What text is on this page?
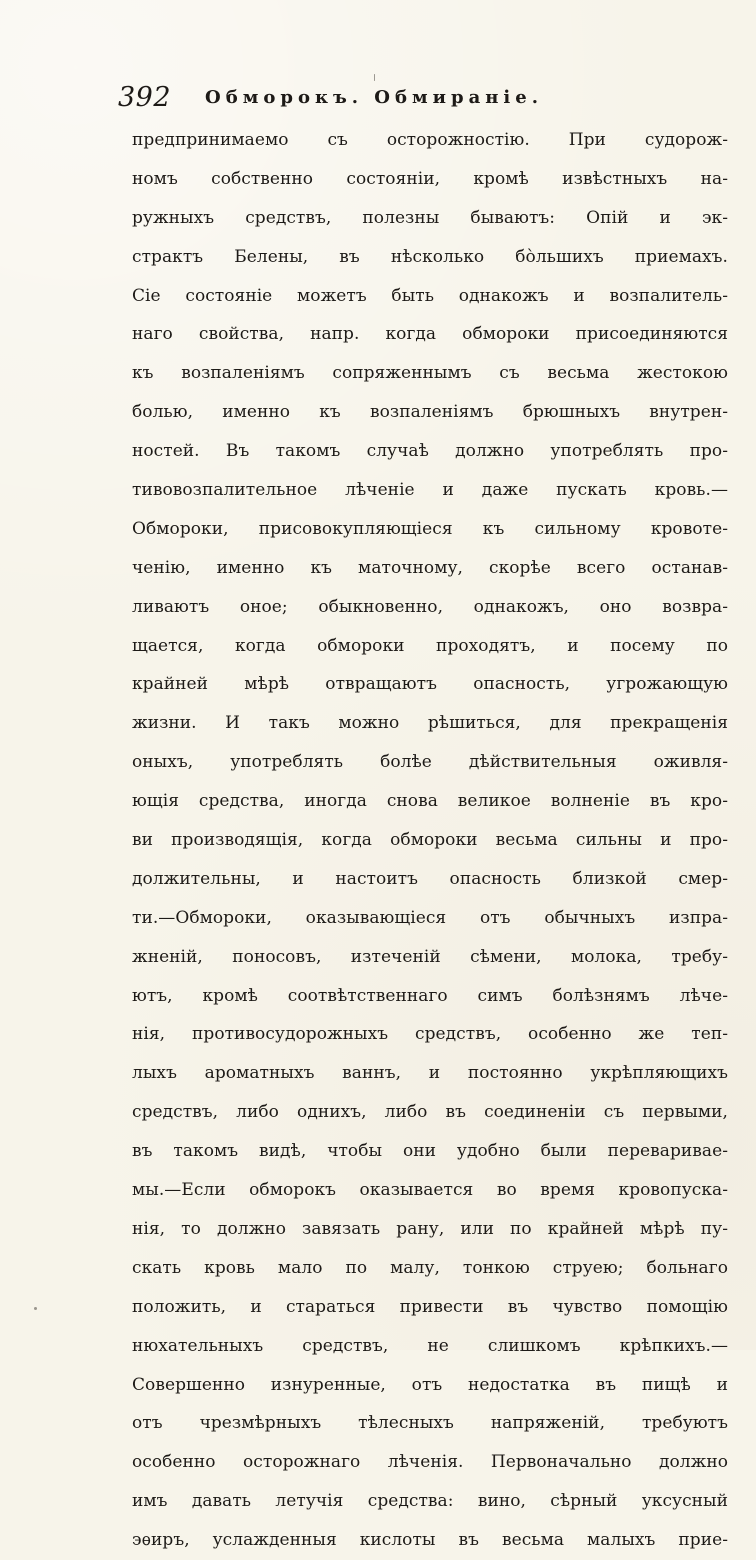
392 Обморокъ. Обмиранiе.
предпринимаемо съ осторожностiю. При судорож-
номъ собственно состоянiи, кромѣ извѣстныхъ на-
ружныхъ средствъ, полезны бываютъ: Опiй и эк-
страктъ Белены, въ нѣсколько бо̀льшихъ приемахъ.
Сiе состоянiе можетъ быть однакожъ и возпалитель-
наго свойства, напр. когда обмороки присоединяются
къ возпаленiямъ сопряженнымъ съ весьма жестокою
болью, именно къ возпаленiямъ брюшныхъ внутрен-
ностей. Въ такомъ случаѣ должно употреблять про-
тивовозпалительное лѣченiе и даже пускать кровь.—
Обмороки, присовокупляющiеся къ сильному кровоте-
ченiю, именно къ маточному, скорѣе всего останав-
ливаютъ оное; обыкновенно, однакожъ, оно возвра-
щается, когда обмороки проходятъ, и посему по
крайней мѣрѣ отвращаютъ опасность, угрожающую
жизни. И такъ можно рѣшиться, для прекращенiя
оныхъ, употреблять болѣе дѣйствительныя оживля-
ющiя средства, иногда снова великое волненiе въ кро-
ви производящiя, когда обмороки весьма сильны и про-
должительны, и настоитъ опасность близкой смер-
ти.—Обмороки, оказывающiеся отъ обычныхъ изпра-
жненiй, поносовъ, изтеченiй сѣмени, молока, требу-
ютъ, кромѣ соотвѣтственнаго симъ болѣзнямъ лѣче-
нiя, противосудорожныхъ средствъ, особенно же теп-
лыхъ ароматныхъ ваннъ, и постоянно укрѣпляющихъ
средствъ, либо однихъ, либо въ соединенiи съ первыми,
въ такомъ видѣ, чтобы они удобно были перевариваe-
мы.—Если обморокъ оказывается во время кровопуска-
нiя, то должно завязать рану, или по крайней мѣрѣ пу-
скать кровь мало по малу, тонкою струею; больнаго
положить, и стараться привести въ чувство помощiю
нюхательныхъ средствъ, не слишкомъ крѣпкихъ.—
Совершенно изнуренные, отъ недостатка въ пищѣ и
отъ чрезмѣрныхъ тѣлесныхъ напряженiй, требуютъ
особенно осторожнаго лѣченiя. Первоначально должно
имъ давать летучiя средства: вино, сѣрный уксусный
эѳиръ, услажденныя кислоты въ весьма малыхъ прие-
